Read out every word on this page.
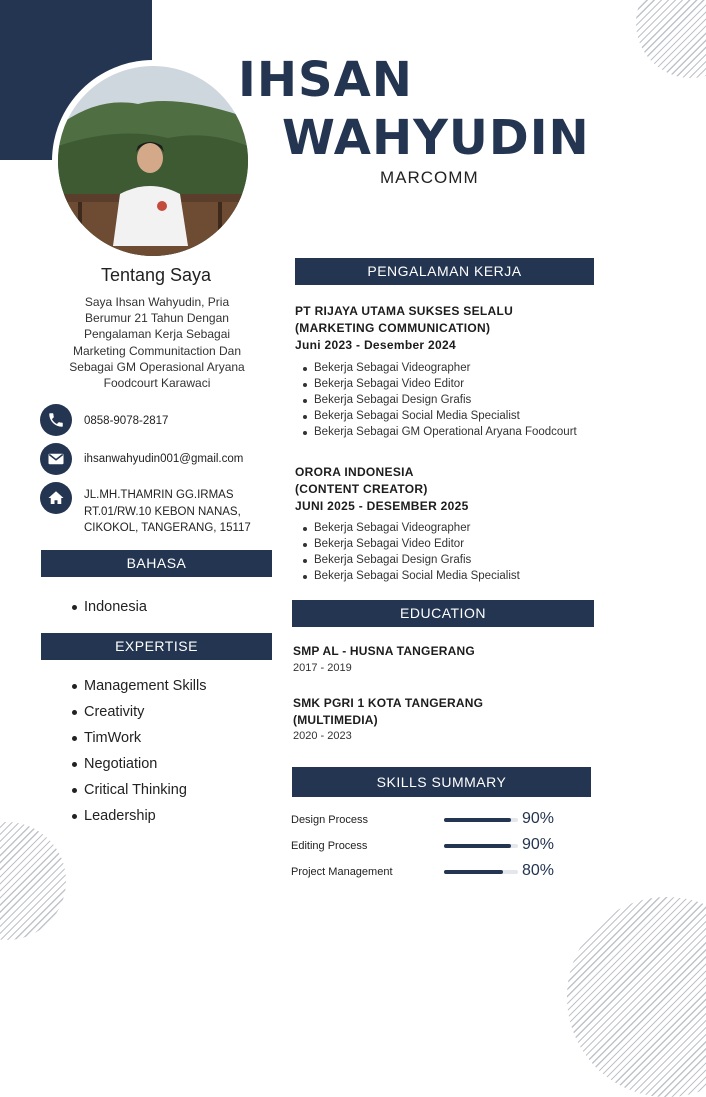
IHSAN
WAHYUDIN
MARCOMM
Tentang Saya
Saya Ihsan Wahyudin, Pria
Berumur 21 Tahun Dengan
Pengalaman Kerja Sebagai
Marketing Communitaction Dan
Sebagai GM Operasional Aryana
Foodcourt Karawaci
0858-9078-2817
ihsanwahyudin001@gmail.com
JL.MH.THAMRIN GG.IRMAS
RT.01/RW.10 KEBON NANAS,
CIKOKOL, TANGERANG, 15117
BAHASA
Indonesia
EXPERTISE
Management Skills
Creativity
TimWork
Negotiation
Critical Thinking
Leadership
PENGALAMAN KERJA
PT RIJAYA UTAMA SUKSES SELALU
(MARKETING COMMUNICATION)
Juni 2023 - Desember 2024
Bekerja Sebagai Videographer
Bekerja Sebagai Video Editor
Bekerja Sebagai Design Grafis
Bekerja Sebagai Social Media Specialist
Bekerja Sebagai GM Operational Aryana Foodcourt
ORORA INDONESIA
(CONTENT CREATOR)
JUNI 2025 - DESEMBER 2025
Bekerja Sebagai Videographer
Bekerja Sebagai Video Editor
Bekerja Sebagai Design Grafis
Bekerja Sebagai Social Media Specialist
EDUCATION
SMP AL - HUSNA TANGERANG
2017 - 2019
SMK PGRI 1 KOTA TANGERANG
(MULTIMEDIA)
2020 - 2023
SKILLS SUMMARY
Design Process	90%
Editing Process	90%
Project Management	80%
